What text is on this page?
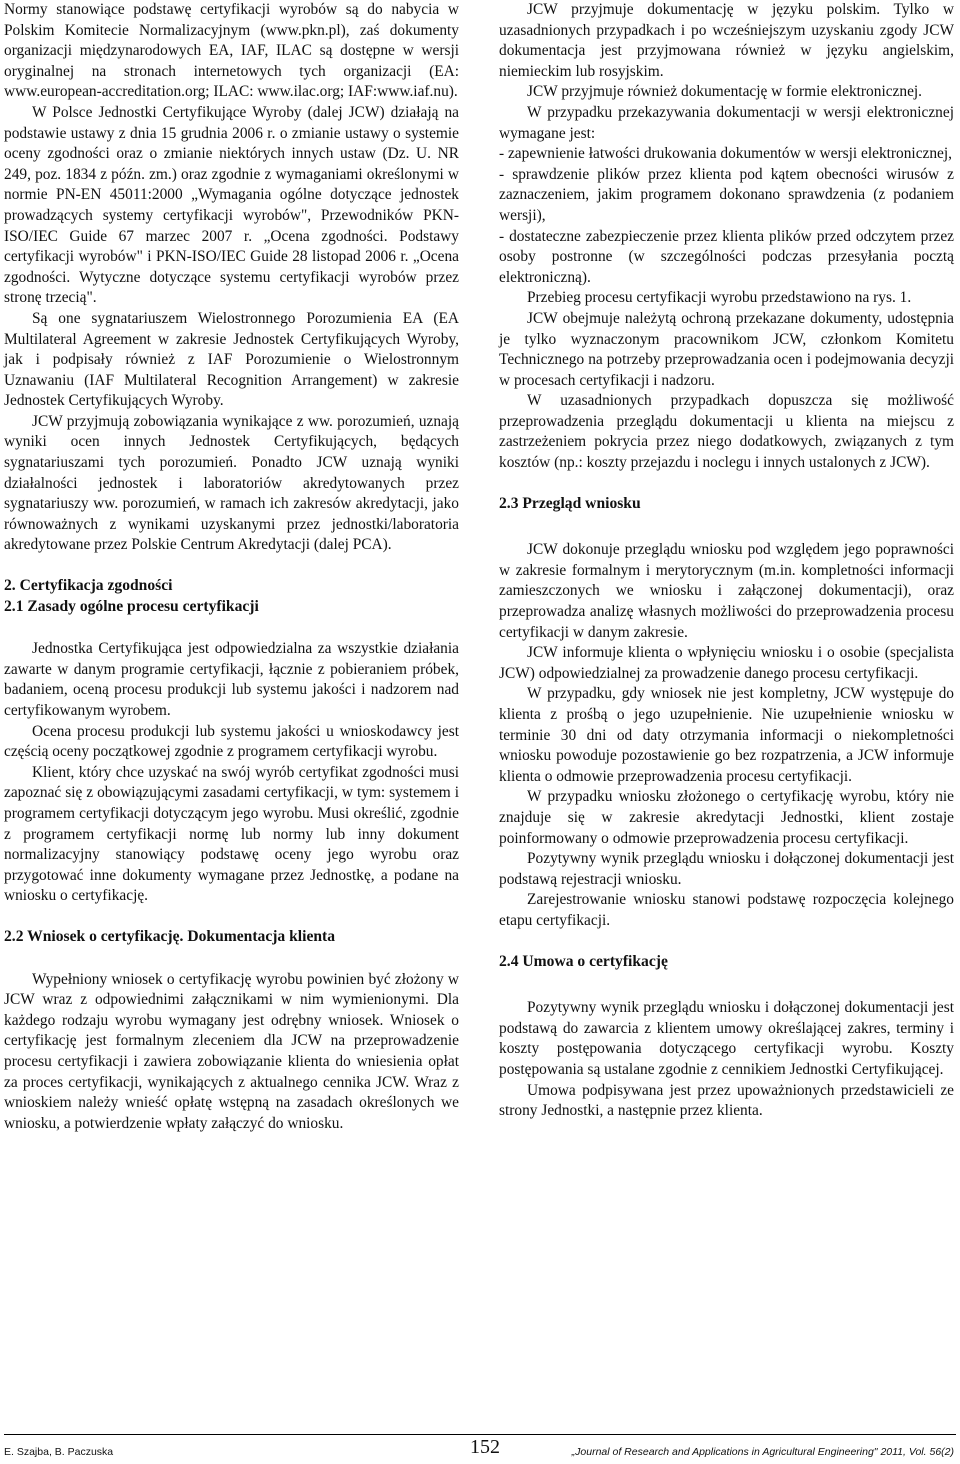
Normy stanowiące podstawę certyfikacji wyrobów są do nabycia w Polskim Komitecie Normalizacyjnym (www.pkn.pl), zaś dokumenty organizacji międzynarodowych EA, IAF, ILAC są dostępne w wersji oryginalnej na stronach internetowych tych organizacji (EA: www.european-accreditation.org; ILAC: www.ilac.org; IAF:www.iaf.nu).

W Polsce Jednostki Certyfikujące Wyroby (dalej JCW) działają na podstawie ustawy z dnia 15 grudnia 2006 r. o zmianie ustawy o systemie oceny zgodności oraz o zmianie niektórych innych ustaw (Dz. U. NR 249, poz. 1834 z późn. zm.) oraz zgodnie z wymaganiami określonymi w normie PN-EN 45011:2000 „Wymagania ogólne dotyczące jednostek prowadzących systemy certyfikacji wyrobów", Przewodników PKN-ISO/IEC Guide 67 marzec 2007 r. „Ocena zgodności. Podstawy certyfikacji wyrobów" i PKN-ISO/IEC Guide 28 listopad 2006 r. „Ocena zgodności. Wytyczne dotyczące systemu certyfikacji wyrobów przez stronę trzecią".

Są one sygnatariuszem Wielostronnego Porozumienia EA (EA Multilateral Agreement w zakresie Jednostek Certyfikujących Wyroby, jak i podpisały również z IAF Porozumienie o Wielostronnym Uznawaniu (IAF Multilateral Recognition Arrangement) w zakresie Jednostek Certyfikujących Wyroby.

JCW przyjmują zobowiązania wynikające z ww. porozumień, uznają wyniki ocen innych Jednostek Certyfikujących, będących sygnatariuszami tych porozumień. Ponadto JCW uznają wyniki działalności jednostek i laboratoriów akredytowanych przez sygnatariuszy ww. porozumień, w ramach ich zakresów akredytacji, jako równoważnych z wynikami uzyskanymi przez jednostki/laboratoria akredytowane przez Polskie Centrum Akredytacji (dalej PCA).

2. Certyfikacja zgodności
2.1 Zasady ogólne procesu certyfikacji

Jednostka Certyfikująca jest odpowiedzialna za wszystkie działania zawarte w danym programie certyfikacji, łącznie z pobieraniem próbek, badaniem, oceną procesu produkcji lub systemu jakości i nadzorem nad certyfikowanym wyrobem.

Ocena procesu produkcji lub systemu jakości u wnioskodawcy jest częścią oceny początkowej zgodnie z programem certyfikacji wyrobu.

Klient, który chce uzyskać na swój wyrób certyfikat zgodności musi zapoznać się z obowiązującymi zasadami certyfikacji, w tym: systemem i programem certyfikacji dotyczącym jego wyrobu. Musi określić, zgodnie z programem certyfikacji normę lub normy lub inny dokument normalizacyjny stanowiący podstawę oceny jego wyrobu oraz przygotować inne dokumenty wymagane przez Jednostkę, a podane na wniosku o certyfikację.

2.2 Wniosek o certyfikację. Dokumentacja klienta

Wypełniony wniosek o certyfikację wyrobu powinien być złożony w JCW wraz z odpowiednimi załącznikami w nim wymienionymi. Dla każdego rodzaju wyrobu wymagany jest odrębny wniosek. Wniosek o certyfikację jest formalnym zleceniem dla JCW na przeprowadzenie procesu certyfikacji i zawiera zobowiązanie klienta do wniesienia opłat za proces certyfikacji, wynikających z aktualnego cennika JCW. Wraz z wnioskiem należy wnieść opłatę wstępną na zasadach określonych we wniosku, a potwierdzenie wpłaty załączyć do wniosku.

JCW przyjmuje dokumentację w języku polskim. Tylko w uzasadnionych przypadkach i po wcześniejszym uzyskaniu zgody JCW dokumentacja jest przyjmowana również w języku angielskim, niemieckim lub rosyjskim.

JCW przyjmuje również dokumentację w formie elektronicznej.

W przypadku przekazywania dokumentacji w wersji elektronicznej wymagane jest:

- zapewnienie łatwości drukowania dokumentów w wersji elektronicznej,

- sprawdzenie plików przez klienta pod kątem obecności wirusów z zaznaczeniem, jakim programem dokonano sprawdzenia (z podaniem wersji),

- dostateczne zabezpieczenie przez klienta plików przed odczytem przez osoby postronne (w szczególności podczas przesyłania pocztą elektroniczną).

Przebieg procesu certyfikacji wyrobu przedstawiono na rys. 1.

JCW obejmuje należytą ochroną przekazane dokumenty, udostępnia je tylko wyznaczonym pracownikom JCW, członkom Komitetu Technicznego na potrzeby przeprowadzania ocen i podejmowania decyzji w procesach certyfikacji i nadzoru.

W uzasadnionych przypadkach dopuszcza się możliwość przeprowadzenia przeglądu dokumentacji u klienta na miejscu z zastrzeżeniem pokrycia przez niego dodatkowych, związanych z tym kosztów (np.: koszty przejazdu i noclegu i innych ustalonych z JCW).

2.3 Przegląd wniosku

JCW dokonuje przeglądu wniosku pod względem jego poprawności w zakresie formalnym i merytorycznym (m.in. kompletności informacji zamieszczonych we wniosku i załączonej dokumentacji), oraz przeprowadza analizę własnych możliwości do przeprowadzenia procesu certyfikacji w danym zakresie.

JCW informuje klienta o wpłynięciu wniosku i o osobie (specjalista JCW) odpowiedzialnej za prowadzenie danego procesu certyfikacji.

W przypadku, gdy wniosek nie jest kompletny, JCW występuje do klienta z prośbą o jego uzupełnienie. Nie uzupełnienie wniosku w terminie 30 dni od daty otrzymania informacji o niekompletności wniosku powoduje pozostawienie go bez rozpatrzenia, a JCW informuje klienta o odmowie przeprowadzenia procesu certyfikacji.

W przypadku wniosku złożonego o certyfikację wyrobu, który nie znajduje się w zakresie akredytacji Jednostki, klient zostaje poinformowany o odmowie przeprowadzenia procesu certyfikacji.

Pozytywny wynik przeglądu wniosku i dołączonej dokumentacji jest podstawą rejestracji wniosku.

Zarejestrowanie wniosku stanowi podstawę rozpoczęcia kolejnego etapu certyfikacji.

2.4 Umowa o certyfikację

Pozytywny wynik przeglądu wniosku i dołączonej dokumentacji jest podstawą do zawarcia z klientem umowy określającej zakres, terminy i koszty postępowania dotyczącego certyfikacji wyrobu. Koszty postępowania są ustalane zgodnie z cennikiem Jednostki Certyfikującej.

Umowa podpisywana jest przez upoważnionych przedstawicieli ze strony Jednostki, a następnie przez klienta.

E. Szajba, B. Paczuska	152	„Journal of Research and Applications in Agricultural Engineering" 2011, Vol. 56(2)
